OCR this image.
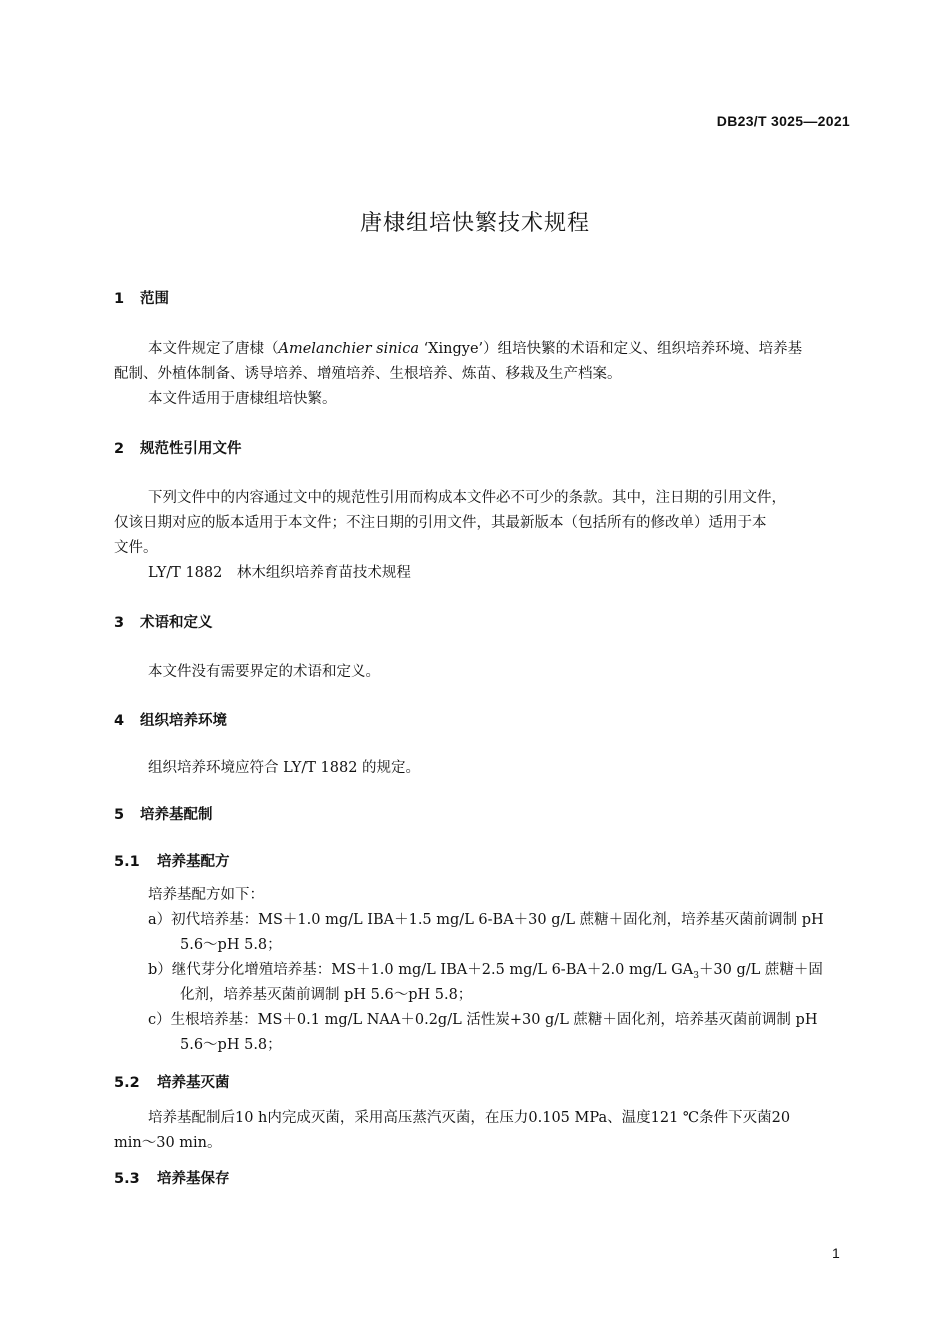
DB23/T 3025—2021
唐棣组培快繁技术规程
1 范围
本文件规定了唐棣（Amelanchier sinica ‘Xingye’）组培快繁的术语和定义、组织培养环境、培养基
配制、外植体制备、诱导培养、增殖培养、生根培养、炼苗、移栽及生产档案。
本文件适用于唐棣组培快繁。
2 规范性引用文件
下列文件中的内容通过文中的规范性引用而构成本文件必不可少的条款。其中，注日期的引用文件，
仅该日期对应的版本适用于本文件；不注日期的引用文件，其最新版本（包括所有的修改单）适用于本
文件。
LY/T 1882　林木组织培养育苗技术规程
3 术语和定义
本文件没有需要界定的术语和定义。
4 组织培养环境
组织培养环境应符合 LY/T 1882 的规定。
5 培养基配制
5.1 培养基配方
培养基配方如下：
a）初代培养基：MS＋1.0 mg/L IBA＋1.5 mg/L 6-BA＋30 g/L 蔗糖＋固化剂，培养基灭菌前调制 pH
5.6～pH 5.8；
b）继代芽分化增殖培养基：MS＋1.0 mg/L IBA＋2.5 mg/L 6-BA＋2.0 mg/L $GA_3+30$ g/L 蔗糖＋固
化剂，培养基灭菌前调制 pH 5.6～pH 5.8；
c）生根培养基：MS＋0.1 mg/L NAA＋0.2g/L 活性炭+30 g/L 蔗糖＋固化剂，培养基灭菌前调制 pH
5.6～pH 5.8；
5.2 培养基灭菌
培养基配制后10 h内完成灭菌，采用高压蒸汽灭菌，在压力0.105 MPa、温度121 ℃条件下灭菌20
min～30 min。
5.3 培养基保存
1
